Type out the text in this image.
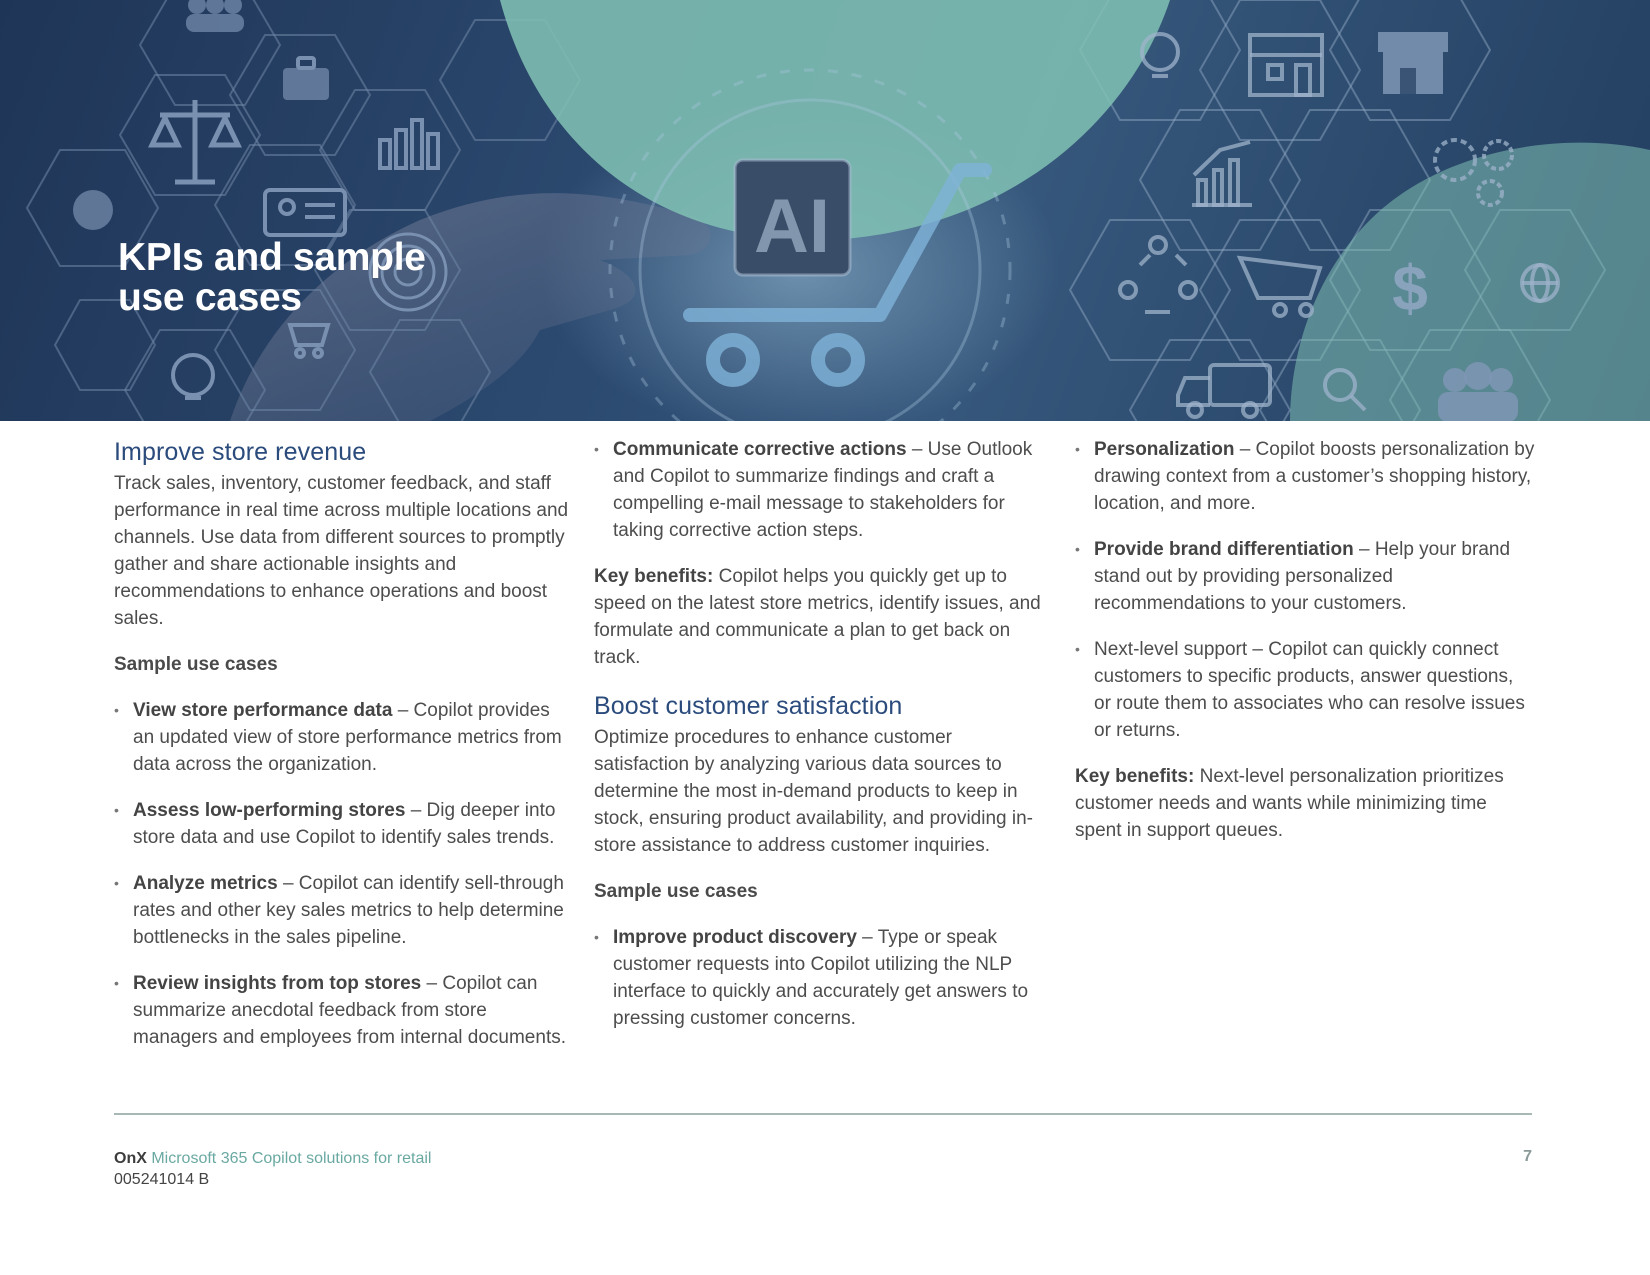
AI
$
KPIs and sample
use cases
Improve store revenue

Track sales, inventory, customer feedback, and staff performance in real time across multiple locations and channels. Use data from different sources to promptly gather and share actionable insights and recommendations to enhance operations and boost sales.

Sample use cases

• View store performance data – Copilot provides an updated view of store performance metrics from data across the organization.
• Assess low-performing stores – Dig deeper into store data and use Copilot to identify sales trends.
• Analyze metrics – Copilot can identify sell-through rates and other key sales metrics to help determine bottlenecks in the sales pipeline.
• Review insights from top stores – Copilot can summarize anecdotal feedback from store managers and employees from internal documents.
• Communicate corrective actions – Use Outlook and Copilot to summarize findings and craft a compelling e-mail message to stakeholders for taking corrective action steps.

Key benefits: Copilot helps you quickly get up to speed on the latest store metrics, identify issues, and formulate and communicate a plan to get back on track.

Boost customer satisfaction

Optimize procedures to enhance customer satisfaction by analyzing various data sources to determine the most in-demand products to keep in stock, ensuring product availability, and providing in-store assistance to address customer inquiries.

Sample use cases

• Improve product discovery – Type or speak customer requests into Copilot utilizing the NLP interface to quickly and accurately get answers to pressing customer concerns.
• Personalization – Copilot boosts personalization by drawing context from a customer’s shopping history, location, and more.
• Provide brand differentiation – Help your brand stand out by providing personalized recommendations to your customers.
• Next-level support – Copilot can quickly connect customers to specific products, answer questions, or route them to associates who can resolve issues or returns.

Key benefits: Next-level personalization prioritizes customer needs and wants while minimizing time spent in support queues.

OnX Microsoft 365 Copilot solutions for retail
005241014 B
7
